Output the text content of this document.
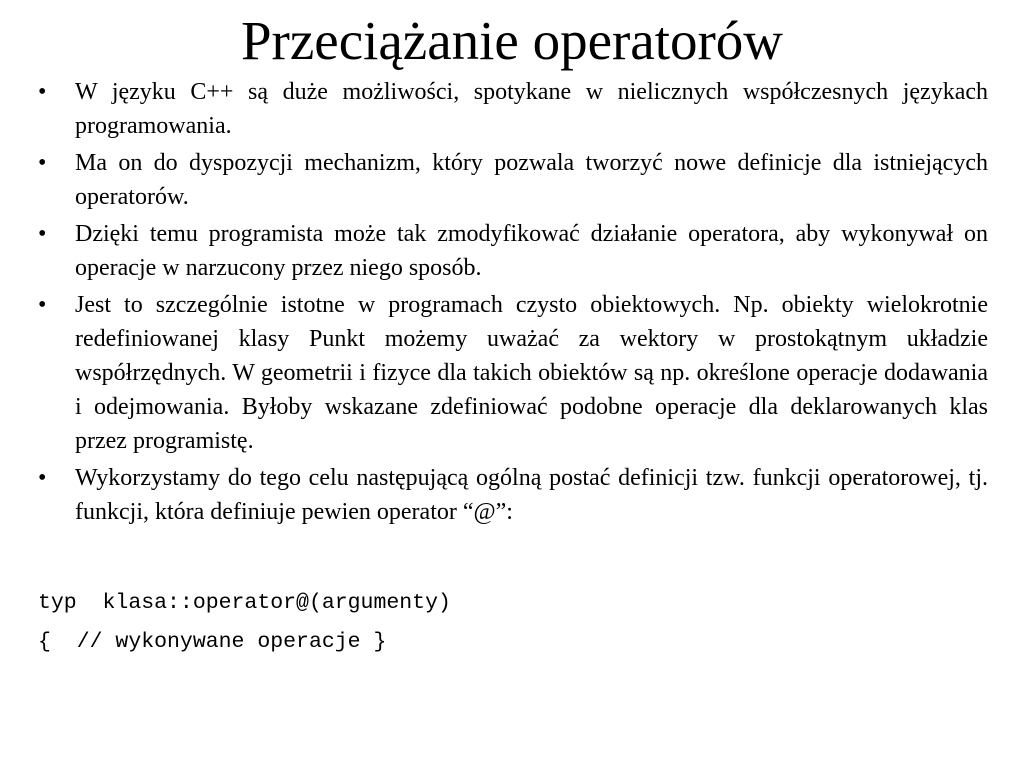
Przeciążanie operatorów
•	W języku C++ są duże możliwości, spotykane w nielicznych współczesnych językach programowania.
•	Ma on do dyspozycji mechanizm, który pozwala tworzyć nowe definicje dla istniejących operatorów.
•	Dzięki temu programista może tak zmodyfikować działanie operatora, aby wykonywał on operacje w narzucony przez niego sposób.
•	Jest to szczególnie istotne w programach czysto obiektowych. Np. obiekty wielokrotnie redefiniowanej klasy Punkt możemy uważać za wektory w prostokątnym układzie współrzędnych. W geometrii i fizyce dla takich obiektów są np. określone operacje dodawania i odejmowania. Byłoby wskazane zdefiniować podobne operacje dla deklarowanych klas przez programistę.
•	Wykorzystamy do tego celu następującą ogólną postać definicji tzw. funkcji operatorowej, tj. funkcji, która definiuje pewien operator “@”:
typ  klasa::operator@(argumenty)
{  // wykonywane operacje }
